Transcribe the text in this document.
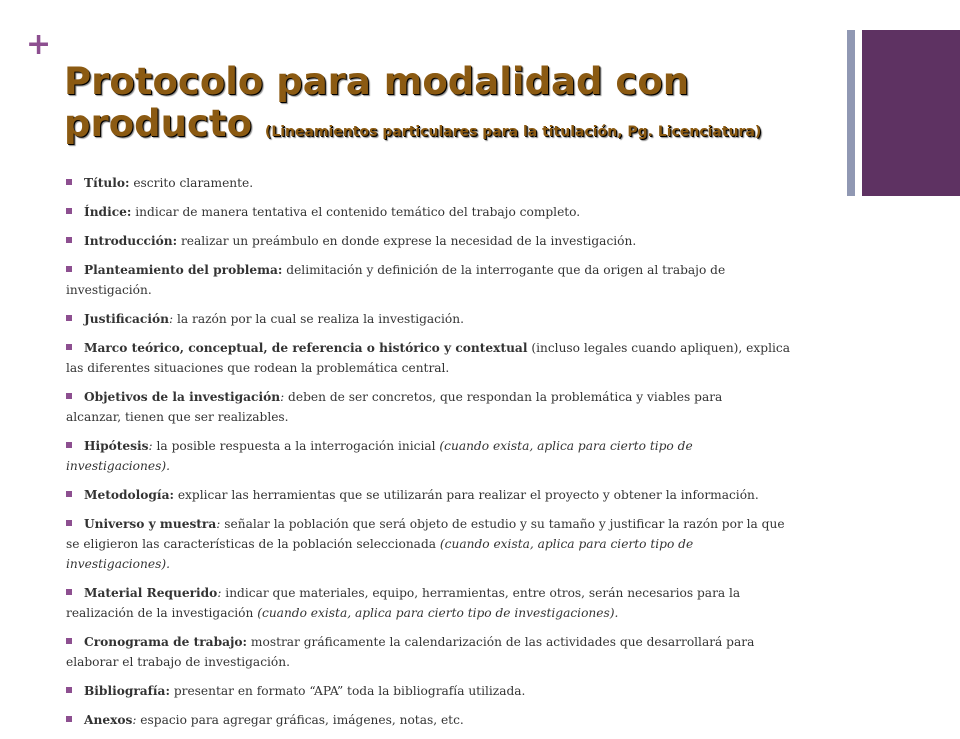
+
Protocolo para modalidad con
producto (Lineamientos particulares para la titulación, Pg. Licenciatura)
Título: escrito claramente.
Índice: indicar de manera tentativa el contenido temático del trabajo completo.
Introducción: realizar un preámbulo en donde exprese la necesidad de la investigación.
Planteamiento del problema: delimitación y definición de la interrogante que da origen al trabajo de
investigación.
Justificación: la razón por la cual se realiza la investigación.
Marco teórico, conceptual, de referencia o histórico y contextual (incluso legales cuando apliquen), explica
las diferentes situaciones que rodean la problemática central.
Objetivos de la investigación: deben de ser concretos, que respondan la problemática y viables para
alcanzar, tienen que ser realizables.
Hipótesis: la posible respuesta a la interrogación inicial (cuando exista, aplica para cierto tipo de
investigaciones).
Metodología: explicar las herramientas que se utilizarán para realizar el proyecto y obtener la información.
Universo y muestra: señalar la población que será objeto de estudio y su tamaño y justificar la razón por la que
se eligieron las características de la población seleccionada (cuando exista, aplica para cierto tipo de
investigaciones).
Material Requerido: indicar que materiales, equipo, herramientas, entre otros, serán necesarios para la
realización de la investigación (cuando exista, aplica para cierto tipo de investigaciones).
Cronograma de trabajo: mostrar gráficamente la calendarización de las actividades que desarrollará para
elaborar el trabajo de investigación.
Bibliografía: presentar en formato “APA” toda la bibliografía utilizada.
Anexos: espacio para agregar gráficas, imágenes, notas, etc.
